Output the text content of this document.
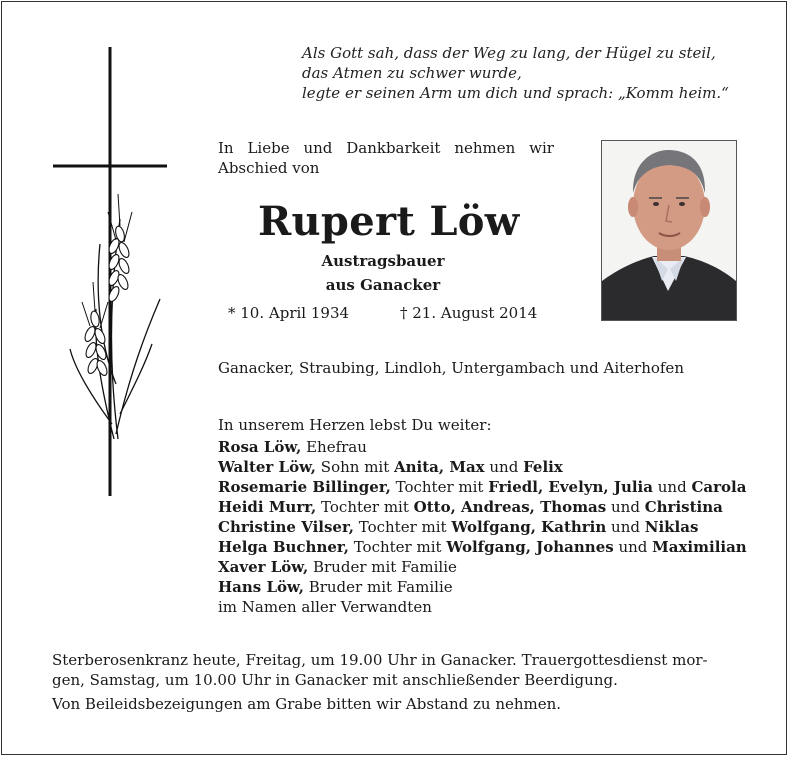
Als Gott sah, dass der Weg zu lang, der Hügel zu steil,
das Atmen zu schwer wurde,
legte er seinen Arm um dich und sprach: „Komm heim.“
In Liebe und Dankbarkeit nehmen wir
Abschied von
Rupert Löw
Austragsbauer
aus Ganacker
* 10. April 1934	† 21. August 2014
Ganacker, Straubing, Lindloh, Untergambach und Aiterhofen
In unserem Herzen lebst Du weiter:
Rosa Löw, Ehefrau
Walter Löw, Sohn mit Anita, Max und Felix
Rosemarie Billinger, Tochter mit Friedl, Evelyn, Julia und Carola
Heidi Murr, Tochter mit Otto, Andreas, Thomas und Christina
Christine Vilser, Tochter mit Wolfgang, Kathrin und Niklas
Helga Buchner, Tochter mit Wolfgang, Johannes und Maximilian
Xaver Löw, Bruder mit Familie
Hans Löw, Bruder mit Familie
im Namen aller Verwandten
Sterberosenkranz heute, Freitag, um 19.00 Uhr in Ganacker. Trauergottesdienst mor-
gen, Samstag, um 10.00 Uhr in Ganacker mit anschließender Beerdigung.
Von Beileidsbezeigungen am Grabe bitten wir Abstand zu nehmen.
